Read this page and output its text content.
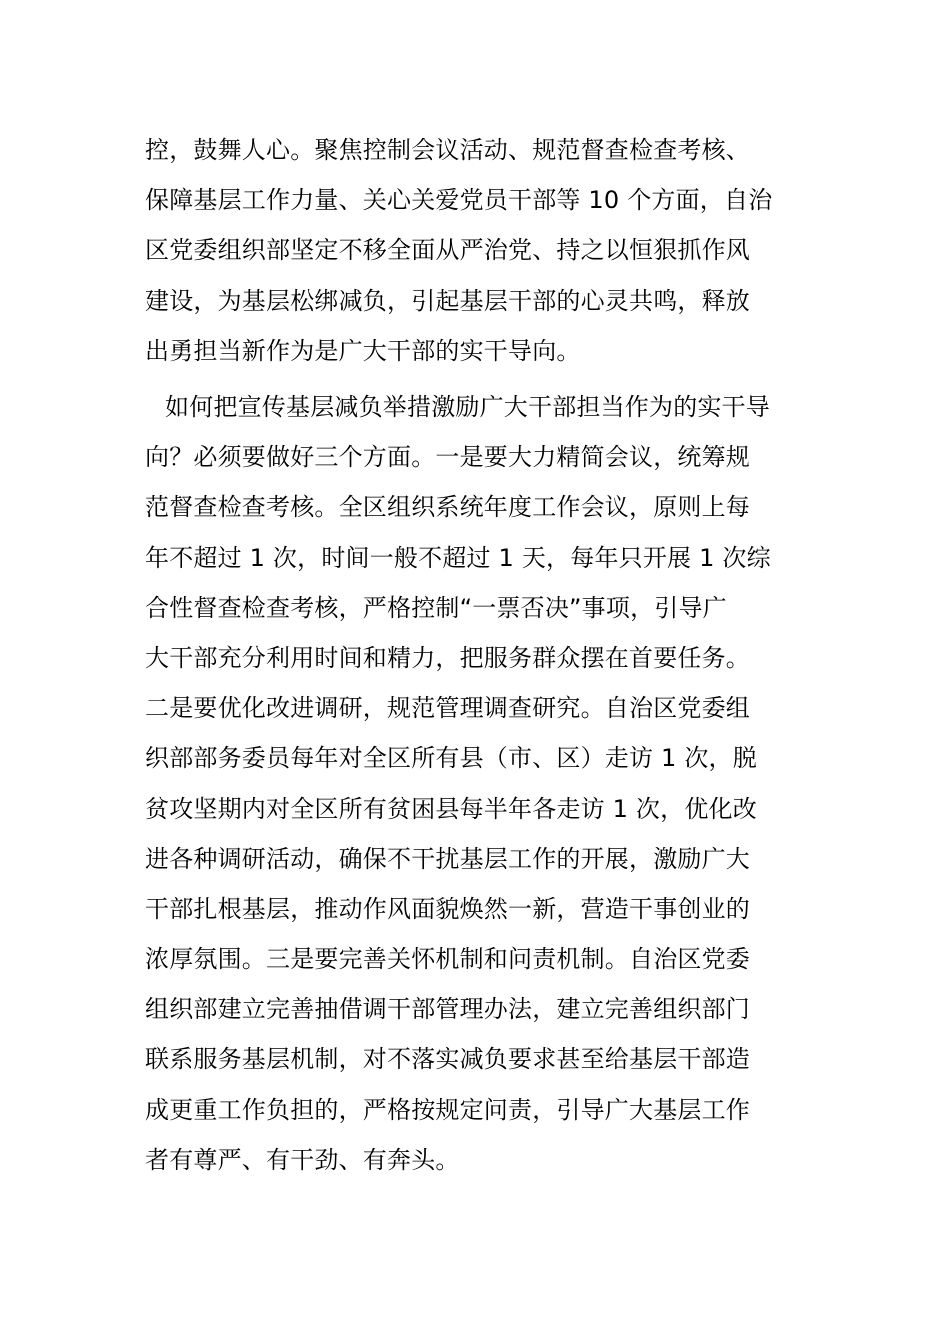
控，鼓舞人心。聚焦控制会议活动、规范督查检查考核、
保障基层工作力量、关心关爱党员干部等 10 个方面，自治
区党委组织部坚定不移全面从严治党、持之以恒狠抓作风
建设，为基层松绑减负，引起基层干部的心灵共鸣，释放
出勇担当新作为是广大干部的实干导向。
如何把宣传基层减负举措激励广大干部担当作为的实干导
向？必须要做好三个方面。一是要大力精简会议，统筹规
范督查检查考核。全区组织系统年度工作会议，原则上每
年不超过 1 次，时间一般不超过 1 天，每年只开展 1 次综
合性督查检查考核，严格控制“一票否决”事项，引导广
大干部充分利用时间和精力，把服务群众摆在首要任务。
二是要优化改进调研，规范管理调查研究。自治区党委组
织部部务委员每年对全区所有县（市、区）走访 1 次，脱
贫攻坚期内对全区所有贫困县每半年各走访 1 次，优化改
进各种调研活动，确保不干扰基层工作的开展，激励广大
干部扎根基层，推动作风面貌焕然一新，营造干事创业的
浓厚氛围。三是要完善关怀机制和问责机制。自治区党委
组织部建立完善抽借调干部管理办法，建立完善组织部门
联系服务基层机制，对不落实减负要求甚至给基层干部造
成更重工作负担的，严格按规定问责，引导广大基层工作
者有尊严、有干劲、有奔头。
